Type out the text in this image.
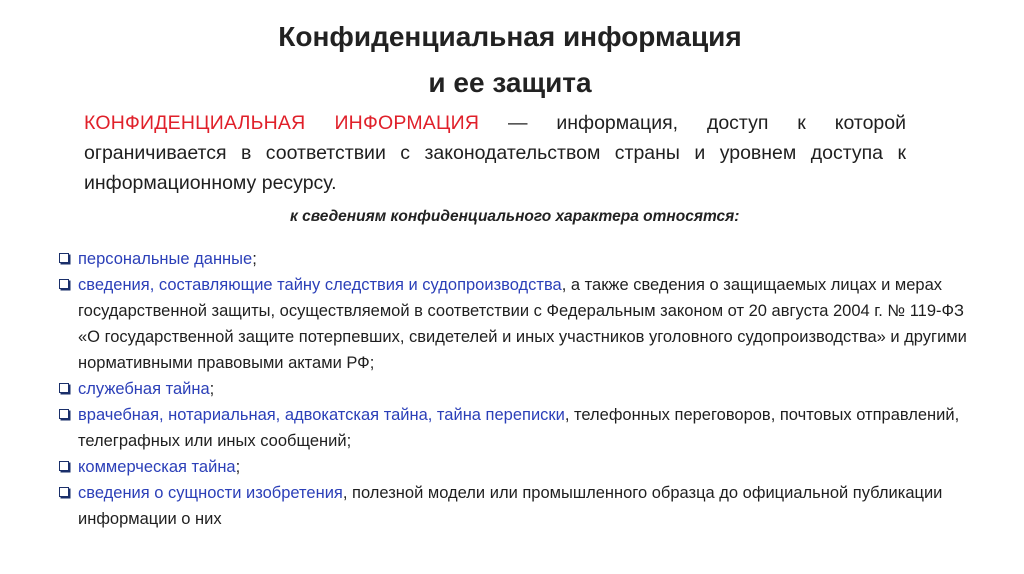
Конфиденциальная информация
и ее защита
КОНФИДЕНЦИАЛЬНАЯ ИНФОРМАЦИЯ — информация, доступ к которой ограничивается в соответствии с законодательством страны и уровнем доступа к информационному ресурсу.
к сведениям конфиденциального характера относятся:
персональные данные;
сведения, составляющие тайну следствия и судопроизводства, а также сведения о защищаемых лицах и мерах государственной защиты, осуществляемой в соответствии с Федеральным законом от 20 августа 2004 г. № 119-ФЗ «О государственной защите потерпевших, свидетелей и иных участников уголовного судопроизводства» и другими нормативными правовыми актами РФ;
служебная тайна;
врачебная, нотариальная, адвокатская тайна, тайна переписки, телефонных переговоров, почтовых отправлений, телеграфных или иных сообщений;
коммерческая тайна;
сведения о сущности изобретения, полезной модели или промышленного образца до официальной публикации информации о них
